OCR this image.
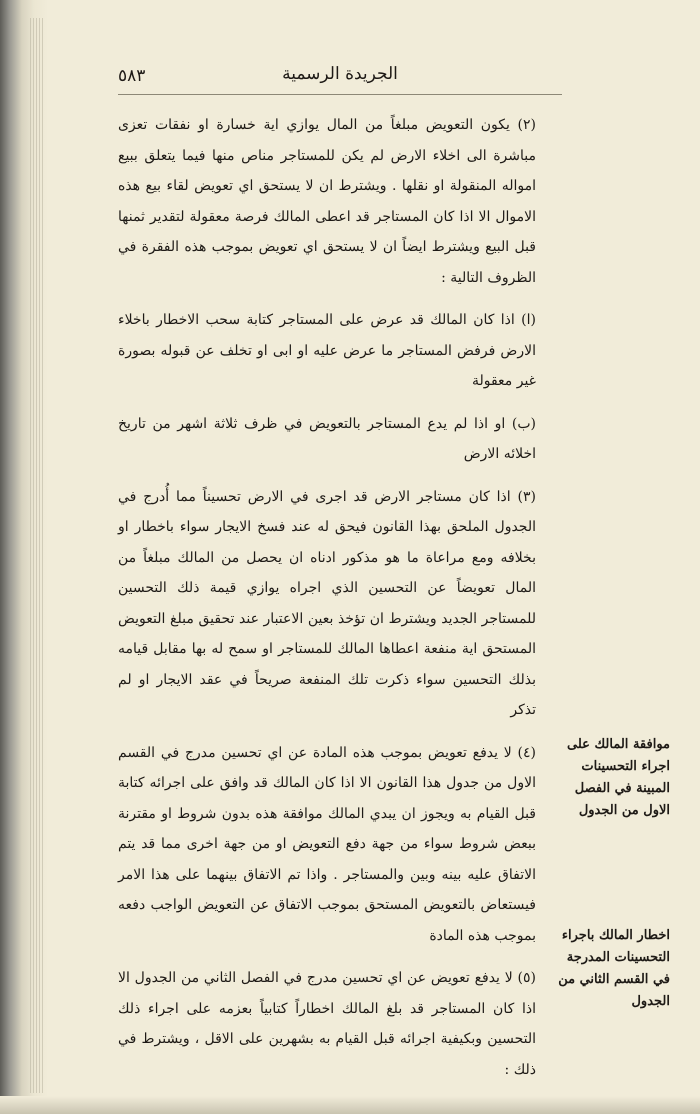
٥٨٣	الجريدة الرسمية

(٢) يكون التعويض مبلغاً من المال يوازي اية خسارة او نفقات تعزى مباشرة الى اخلاء الارض لم يكن للمستاجر مناص منها فيما يتعلق ببيع امواله المنقولة او نقلها . ويشترط ان لا يستحق اي تعويض لقاء بيع هذه الاموال الا اذا كان المستاجر قد اعطى المالك فرصة معقولة لتقدير ثمنها قبل البيع ويشترط ايضاً ان لا يستحق اي تعويض بموجب هذه الفقرة في الظروف التالية :

(ا) اذا كان المالك قد عرض على المستاجر كتابة سحب الاخطار باخلاء الارض فرفض المستاجر ما عرض عليه او ابى او تخلف عن قبوله بصورة غير معقولة

(ب) او اذا لم يدع المستاجر بالتعويض في ظرف ثلاثة اشهر من تاريخ اخلائه الارض

(٣) اذا كان مستاجر الارض قد اجرى في الارض تحسيناً مما أُدرج في الجدول الملحق بهذا القانون فيحق له عند فسخ الايجار سواء باخطار او بخلافه ومع مراعاة ما هو مذكور ادناه ان يحصل من المالك مبلغاً من المال تعويضاً عن التحسين الذي اجراه يوازي قيمة ذلك التحسين للمستاجر الجديد ويشترط ان تؤخذ بعين الاعتبار عند تحقيق مبلغ التعويض المستحق اية منفعة اعطاها المالك للمستاجر او سمح له بها مقابل قيامه بذلك التحسين سواء ذكرت تلك المنفعة صريحاً في عقد الايجار او لم تذكر

(٤) لا يدفع تعويض بموجب هذه المادة عن اي تحسين مدرج في القسم الاول من جدول هذا القانون الا اذا كان المالك قد وافق على اجرائه كتابة قبل القيام به ويجوز ان يبدي المالك موافقة هذه بدون شروط او مقترنة ببعض شروط سواء من جهة دفع التعويض او من جهة اخرى مما قد يتم الاتفاق عليه بينه وبين والمستاجر . واذا تم الاتفاق بينهما على هذا الامر فيستعاض بالتعويض المستحق بموجب الاتفاق عن التعويض الواجب دفعه بموجب هذه المادة

(٥) لا يدفع تعويض عن اي تحسين مدرج في الفصل الثاني من الجدول الا اذا كان المستاجر قد بلغ المالك اخطاراً كتابياً بعزمه على اجراء ذلك التحسين وبكيفية اجرائه قبل القيام به بشهرين على الاقل ، ويشترط في ذلك :

موافقة المالك على اجراء التحسينات المبينة في الفصل الاول من الجدول
اخطار المالك باجراء التحسينات المدرجة في القسم الثاني من الجدول
